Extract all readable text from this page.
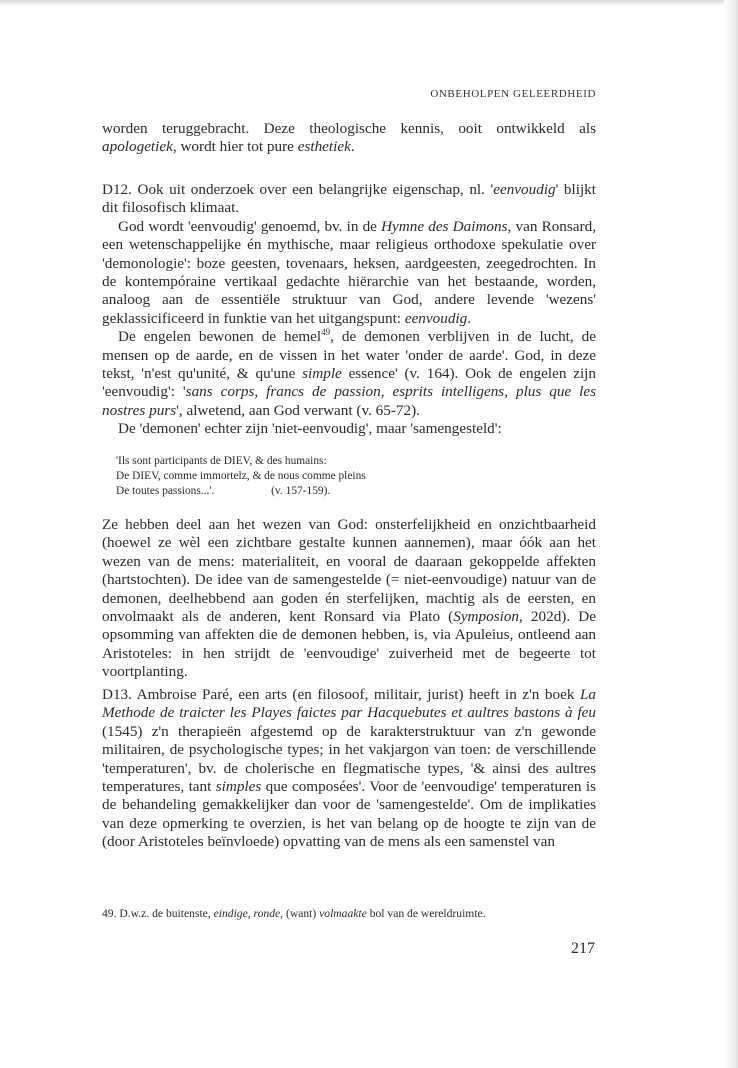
ONBEHOLPEN GELEERDHEID

worden teruggebracht. Deze theologische kennis, ooit ontwikkeld als apologetiek, wordt hier tot pure esthetiek.

D12. Ook uit onderzoek over een belangrijke eigenschap, nl. 'eenvoudig' blijkt dit filosofisch klimaat.

God wordt 'eenvoudig' genoemd, bv. in de Hymne des Daimons, van Ronsard, een wetenschappelijke én mythische, maar religieus orthodoxe spekulatie over 'demonologie': boze geesten, tovenaars, heksen, aardgeesten, zeegedrochten. In de kontempóraine vertikaal gedachte hiërarchie van het bestaande, worden, analoog aan de essentiële struktuur van God, andere levende 'wezens' geklassicificeerd in funktie van het uitgangspunt: eenvoudig.

De engelen bewonen de hemel$^{49}$, de demonen verblijven in de lucht, de mensen op de aarde, en de vissen in het water 'onder de aarde'. God, in deze tekst, 'n'est qu'unité, & qu'une simple essence' (v. 164). Ook de engelen zijn 'eenvoudig': 'sans corps, francs de passion, esprits intelligens, plus que les nostres purs', alwetend, aan God verwant (v. 65-72).

De 'demonen' echter zijn 'niet-eenvoudig', maar 'samengesteld':

'Ils sont participants de DIEV, & des humains:
De DIEV, comme immortelz, & de nous comme pleins
De toutes passions...'.                    (v. 157-159).

Ze hebben deel aan het wezen van God: onsterfelijkheid en onzichtbaarheid (hoewel ze wèl een zichtbare gestalte kunnen aannemen), maar óók aan het wezen van de mens: materialiteit, en vooral de daaraan gekoppelde affekten (hartstochten). De idee van de samengestelde (= niet-eenvoudige) natuur van de demonen, deelhebbend aan goden én sterfelijken, machtig als de eersten, en onvolmaakt als de anderen, kent Ronsard via Plato (Symposion, 202d). De opsomming van affekten die de demonen hebben, is, via Apuleius, ontleend aan Aristoteles: in hen strijdt de 'eenvoudige' zuiverheid met de begeerte tot voortplanting.

D13. Ambroise Paré, een arts (en filosoof, militair, jurist) heeft in z'n boek La Methode de traicter les Playes faictes par Hacquebutes et aultres bastons à feu (1545) z'n therapieën afgestemd op de karakterstruktuur van z'n gewonde militairen, de psychologische types; in het vakjargon van toen: de verschillende 'temperaturen', bv. de cholerische en flegmatische types, '& ainsi des aultres temperatures, tant simples que composées'. Voor de 'eenvoudige' temperaturen is de behandeling gemakkelijker dan voor de 'samengestelde'. Om de implikaties van deze opmerking te overzien, is het van belang op de hoogte te zijn van de (door Aristoteles beïnvloede) opvatting van de mens als een samenstel van

49. D.w.z. de buitenste, eindige, ronde, (want) volmaakte bol van de wereldruimte.
217
